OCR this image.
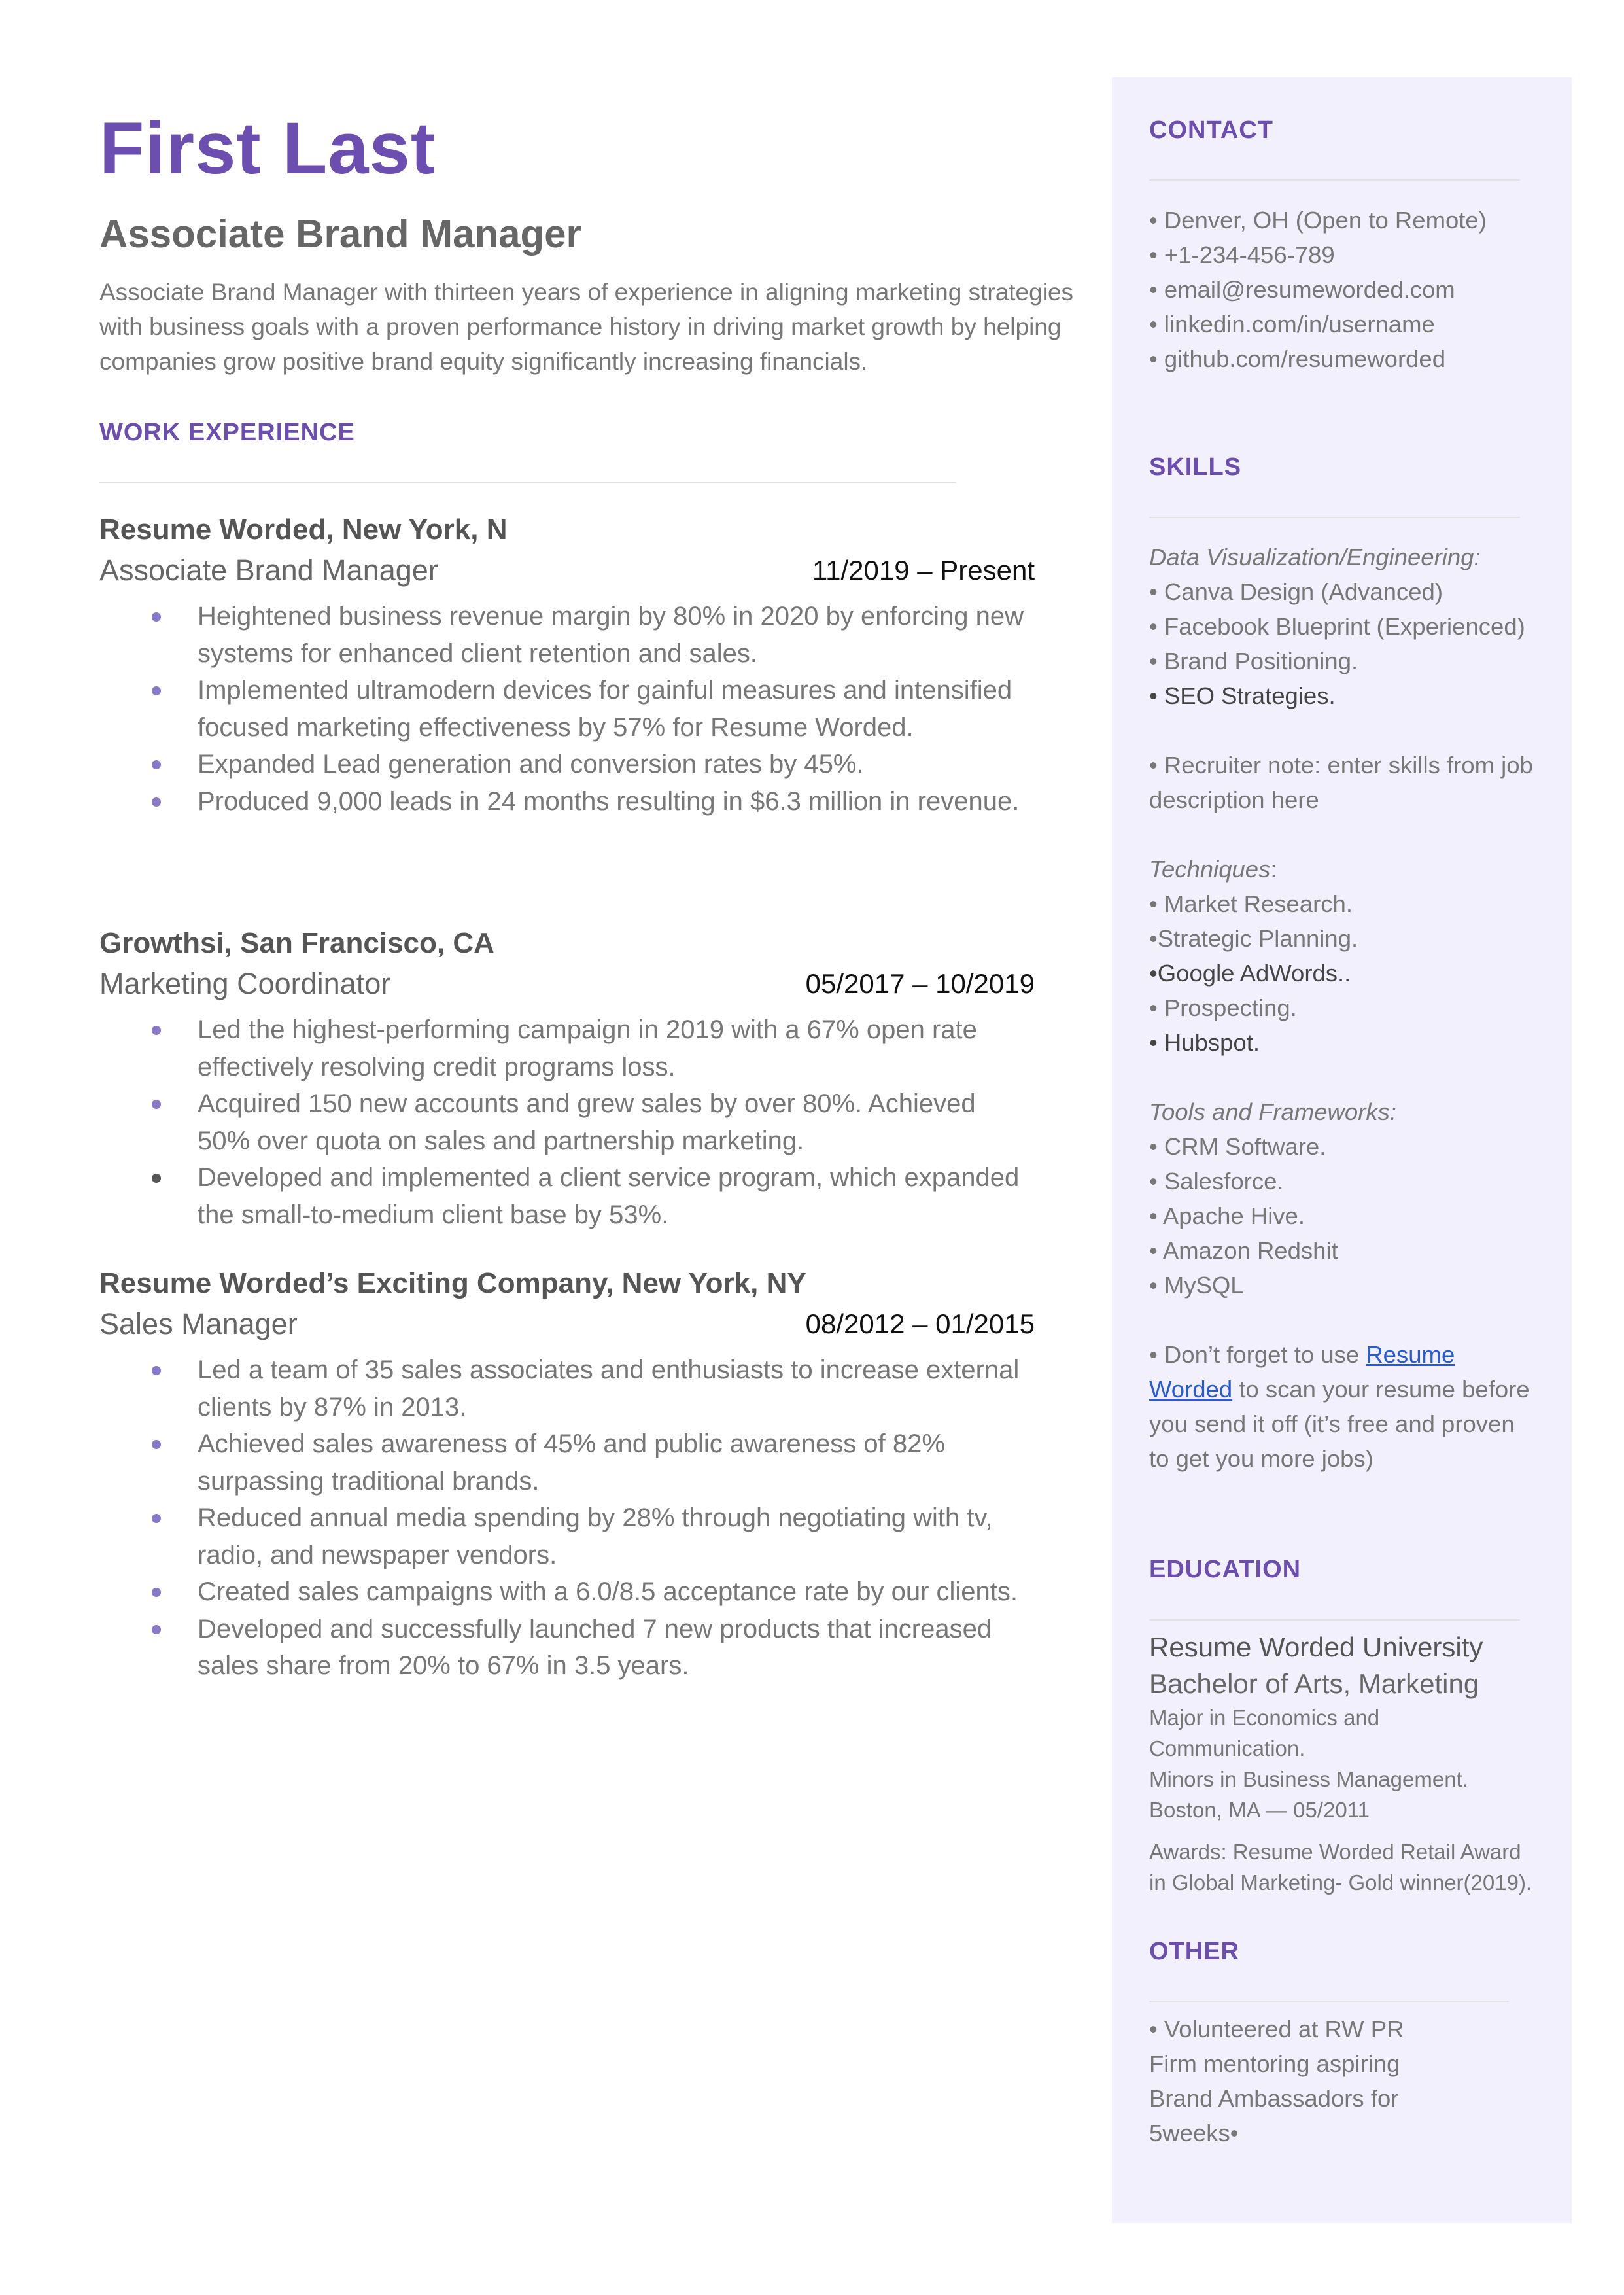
First Last
Associate Brand Manager

Associate Brand Manager with thirteen years of experience in aligning marketing strategies with business goals with a proven performance history in driving market growth by helping companies grow positive brand equity significantly increasing financials.

WORK EXPERIENCE
Resume Worded, New York, N
Associate Brand Manager	11/2019 – Present
Heightened business revenue margin by 80% in 2020 by enforcing new systems for enhanced client retention and sales.
Implemented ultramodern devices for gainful measures and intensified focused marketing effectiveness by 57% for Resume Worded.
Expanded Lead generation and conversion rates by 45%.
Produced 9,000 leads in 24 months resulting in $6.3 million in revenue.
Growthsi, San Francisco, CA
Marketing Coordinator	05/2017 – 10/2019
Led the highest-performing campaign in 2019 with a 67% open rate effectively resolving credit programs loss.
Acquired 150 new accounts and grew sales by over 80%. Achieved 50% over quota on sales and partnership marketing.
Developed and implemented a client service program, which expanded the small-to-medium client base by 53%.
Resume Worded’s Exciting Company, New York, NY
Sales Manager	08/2012 – 01/2015
Led a team of 35 sales associates and enthusiasts to increase external clients by 87% in 2013.
Achieved sales awareness of 45% and public awareness of 82% surpassing traditional brands.
Reduced annual media spending by 28% through negotiating with tv, radio, and newspaper vendors.
Created sales campaigns with a 6.0/8.5 acceptance rate by our clients.
Developed and successfully launched 7 new products that increased sales share from 20% to 67% in 3.5 years.
CONTACT

• Denver, OH (Open to Remote)

• +1-234-456-789

• email@resumeworded.com

• linkedin.com/in/username

• github.com/resumeworded

SKILLS

Data Visualization/Engineering:

• Canva Design (Advanced)

• Facebook Blueprint (Experienced)

• Brand Positioning.

• SEO Strategies.

• Recruiter note: enter skills from job description here

Techniques:

• Market Research.

•Strategic Planning.

•Google AdWords..

• Prospecting.

• Hubspot.

Tools and Frameworks:

• CRM Software.

• Salesforce.

• Apache Hive.

• Amazon Redshit

• MySQL

• Don’t forget to use Resume Worded to scan your resume before you send it off (it’s free and proven to get you more jobs)

EDUCATION

Resume Worded University

Bachelor of Arts, Marketing

Major in Economics and Communication.

Minors in Business Management.

Boston, MA — 05/2011

Awards: Resume Worded Retail Award in Global Marketing- Gold winner(2019).

OTHER

• Volunteered at RW PR Firm mentoring aspiring Brand Ambassadors for 5weeks•
